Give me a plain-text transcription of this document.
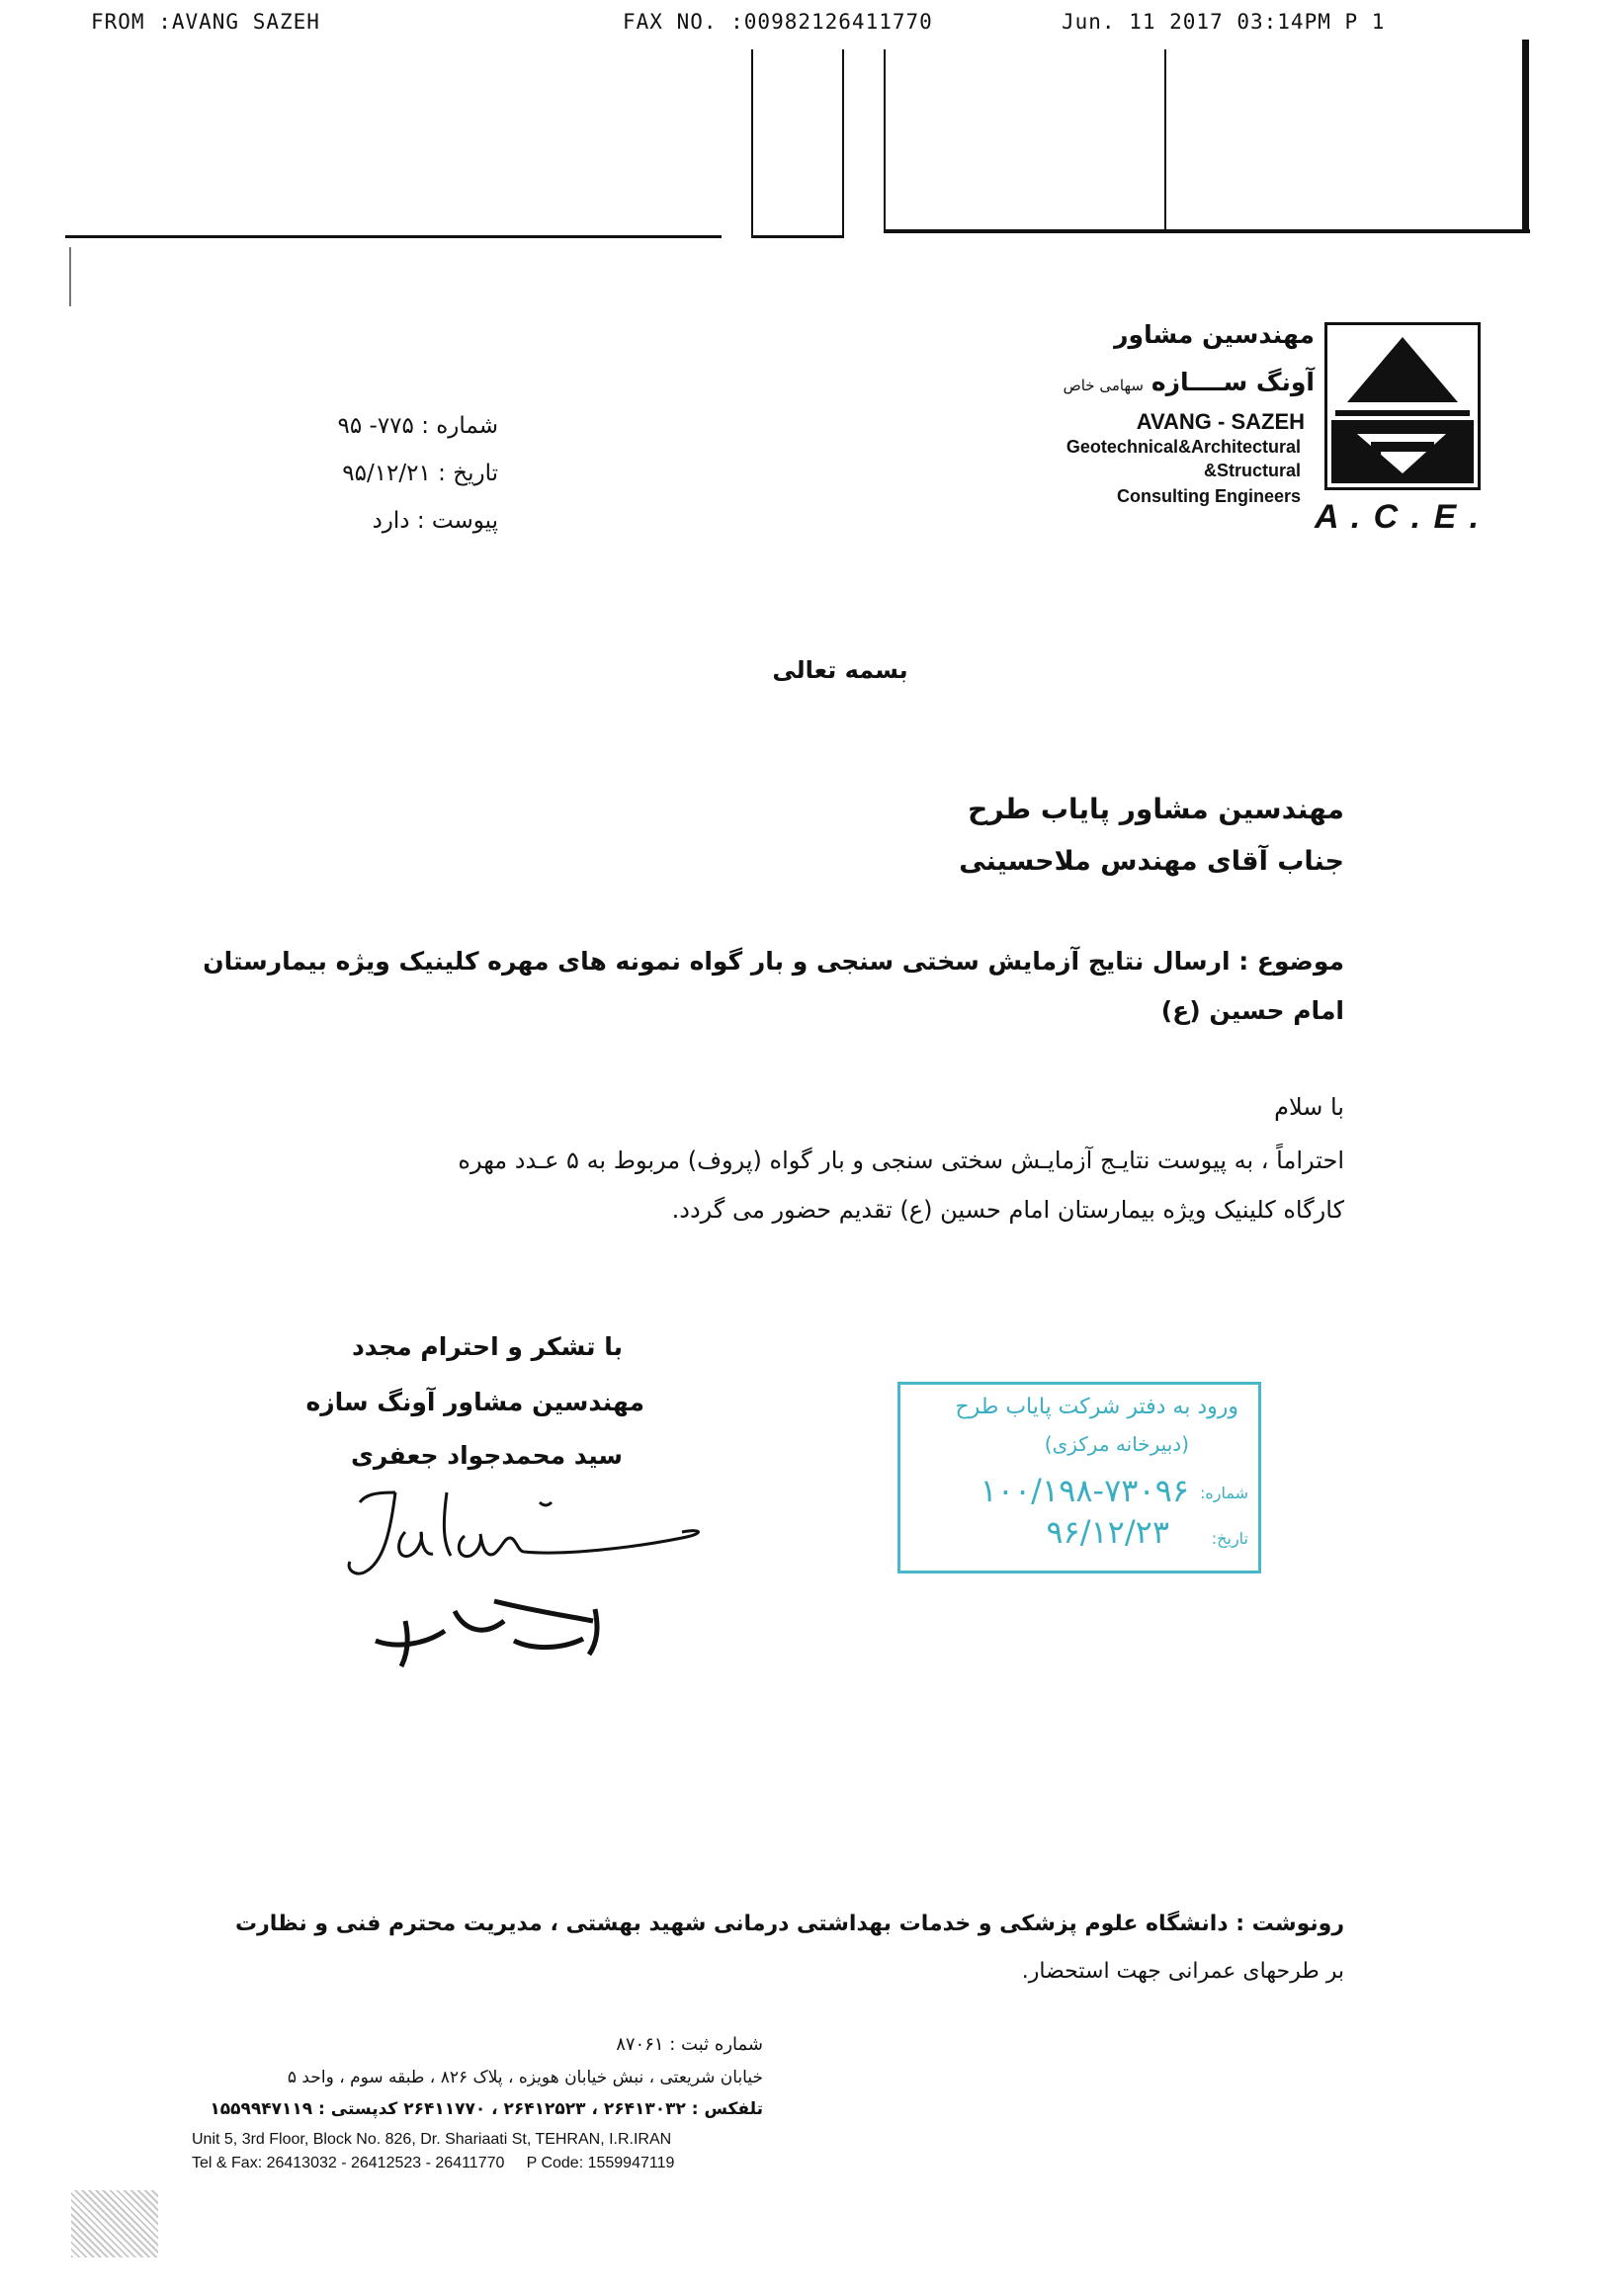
FROM :AVANG SAZEH	FAX NO. :00982126411770	Jun. 11 2017 03:14PM P 1
مهندسین مشاور
آونگ ســــازه سهامی خاص
AVANG - SAZEH
Geotechnical&Architectural
&Structural
Consulting Engineers
A . C . E .
شماره : ۷۷۵- ۹۵
تاریخ : ۹۵/۱۲/۲۱
پیوست : دارد
بسمه تعالی
مهندسین مشاور پایاب طرح
جناب آقای مهندس ملاحسینی
موضوع : ارسال نتایج آزمایش سختی سنجی و بار گواه نمونه های مهره کلینیک ویژه بیمارستان
امام حسین (ع)
با سلام
احتراماً ، به پیوست نتایـج آزمایـش سختی سنجی و بار گواه (پروف) مربوط به ۵ عـدد مهره
کارگاه کلینیک ویژه بیمارستان امام حسین (ع) تقدیم حضور می گردد.
با تشکر و احترام مجدد
مهندسین مشاور آونگ سازه
سید محمدجواد جعفری
ورود به دفتر شرکت پایاب طرح
(دبیرخانه مرکزی)
شماره:
۱۰۰/۱۹۸-۷۳۰۹۶
تاریخ:
۹۶/۱۲/۲۳
رونوشت : دانشگاه علوم پزشکی و خدمات بهداشتی درمانی شهید بهشتی ، مدیریت محترم فنی و نظارت
بر طرحهای عمرانی جهت استحضار.
شماره ثبت : ۸۷۰۶۱
خیابان شریعتی ، نبش خیابان هویزه ، پلاک ۸۲۶ ، طبقه سوم ، واحد ۵
تلفکس : ۲۶۴۱۳۰۳۲ ، ۲۶۴۱۲۵۲۳ ، ۲۶۴۱۱۷۷۰ کدپستی : ۱۵۵۹۹۴۷۱۱۹
Unit 5, 3rd Floor, Block No. 826, Dr. Shariaati St, TEHRAN, I.R.IRAN
Tel & Fax: 26413032 - 26412523 - 26411770     P Code: 1559947119
